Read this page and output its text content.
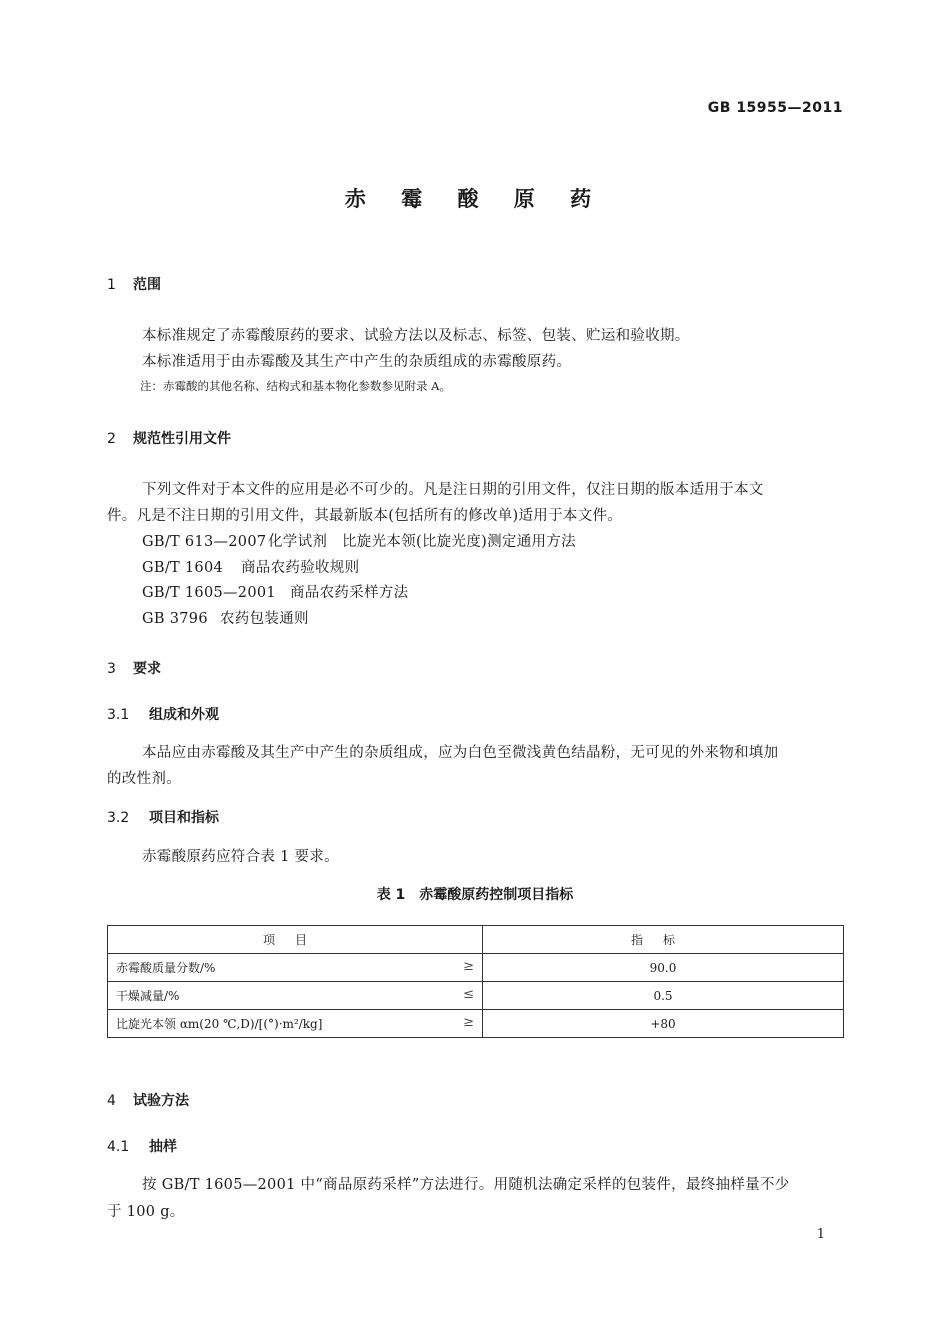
GB 15955—2011
赤 霉 酸 原 药
1 范围
本标准规定了赤霉酸原药的要求、试验方法以及标志、标签、包装、贮运和验收期。
本标准适用于由赤霉酸及其生产中产生的杂质组成的赤霉酸原药。
注：赤霉酸的其他名称、结构式和基本物化参数参见附录 A。
2 规范性引用文件
下列文件对于本文件的应用是必不可少的。凡是注日期的引用文件，仅注日期的版本适用于本文
件。凡是不注日期的引用文件，其最新版本(包括所有的修改单)适用于本文件。
GB/T 613—2007 化学试剂　比旋光本领(比旋光度)测定通用方法
GB/T 1604 商品农药验收规则
GB/T 1605—2001 商品农药采样方法
GB 3796 农药包装通则
3 要求
3.1 组成和外观
本品应由赤霉酸及其生产中产生的杂质组成，应为白色至微浅黄色结晶粉，无可见的外来物和填加
的改性剂。
3.2 项目和指标
赤霉酸原药应符合表 1 要求。
表 1　赤霉酸原药控制项目指标
项目	指标
赤霉酸质量分数/% ≥	90.0
干燥减量/% ≤	0.5
比旋光本领 αm(20 ℃,D)/[(°)·m²/kg] ≥	+80
4 试验方法
4.1 抽样
按 GB/T 1605—2001 中“商品原药采样”方法进行。用随机法确定采样的包装件，最终抽样量不少
于 100 g。
1
